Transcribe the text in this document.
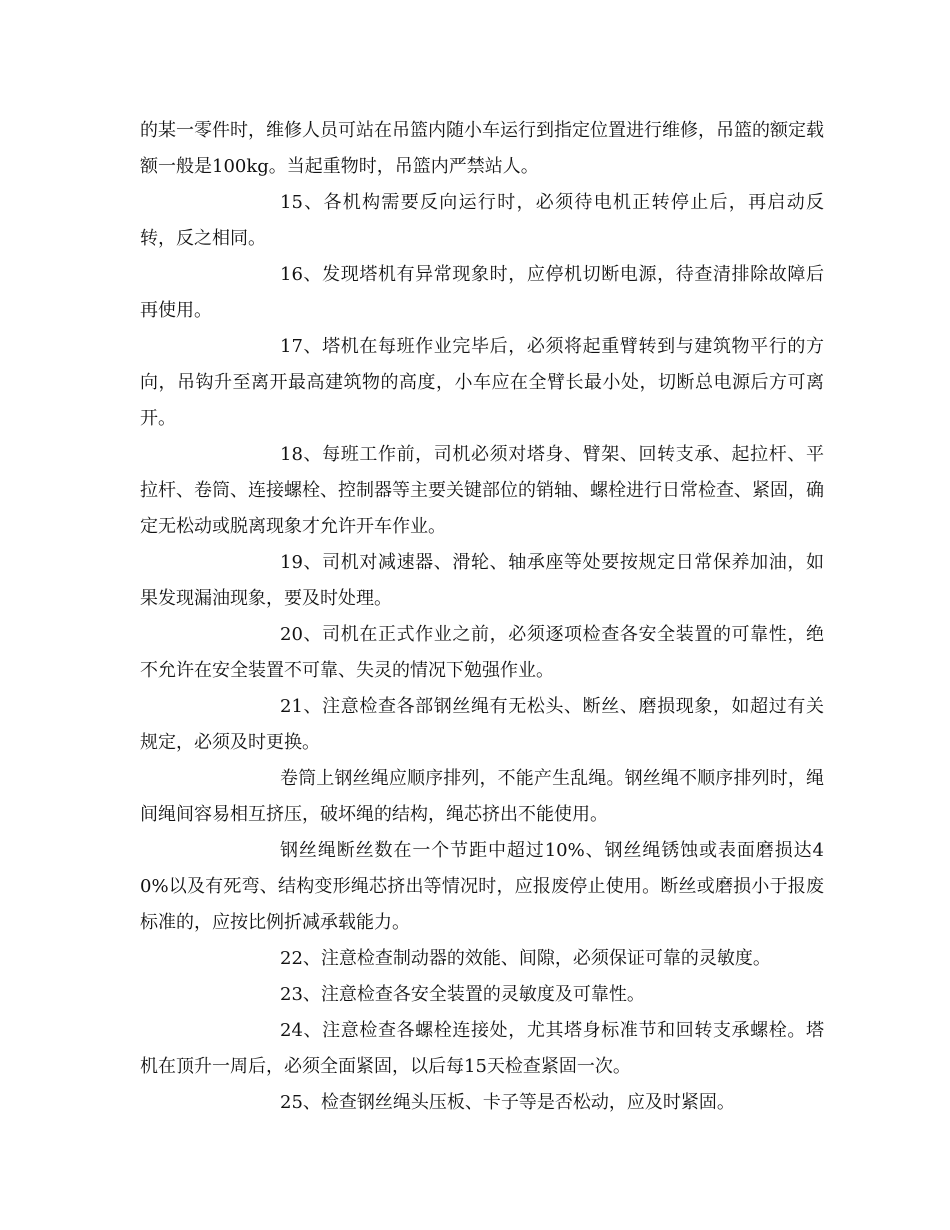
的某一零件时，维修人员可站在吊篮内随小车运行到指定位置进行维修，吊篮的额定载额一般是100kg。当起重物时，吊篮内严禁站人。

15、各机构需要反向运行时，必须待电机正转停止后，再启动反转，反之相同。

16、发现塔机有异常现象时，应停机切断电源，待查清排除故障后再使用。

17、塔机在每班作业完毕后，必须将起重臂转到与建筑物平行的方向，吊钩升至离开最高建筑物的高度，小车应在全臂长最小处，切断总电源后方可离开。

18、每班工作前，司机必须对塔身、臂架、回转支承、起拉杆、平拉杆、卷筒、连接螺栓、控制器等主要关键部位的销轴、螺栓进行日常检查、紧固，确定无松动或脱离现象才允许开车作业。

19、司机对减速器、滑轮、轴承座等处要按规定日常保养加油，如果发现漏油现象，要及时处理。

20、司机在正式作业之前，必须逐项检查各安全装置的可靠性，绝不允许在安全装置不可靠、失灵的情况下勉强作业。

21、注意检查各部钢丝绳有无松头、断丝、磨损现象，如超过有关规定，必须及时更换。

卷筒上钢丝绳应顺序排列，不能产生乱绳。钢丝绳不顺序排列时，绳间绳间容易相互挤压，破坏绳的结构，绳芯挤出不能使用。

钢丝绳断丝数在一个节距中超过10%、钢丝绳锈蚀或表面磨损达40%以及有死弯、结构变形绳芯挤出等情况时，应报废停止使用。断丝或磨损小于报废标准的，应按比例折减承载能力。

22、注意检查制动器的效能、间隙，必须保证可靠的灵敏度。

23、注意检查各安全装置的灵敏度及可靠性。

24、注意检查各螺栓连接处，尤其塔身标准节和回转支承螺栓。塔机在顶升一周后，必须全面紧固，以后每15天检查紧固一次。

25、检查钢丝绳头压板、卡子等是否松动，应及时紧固。
